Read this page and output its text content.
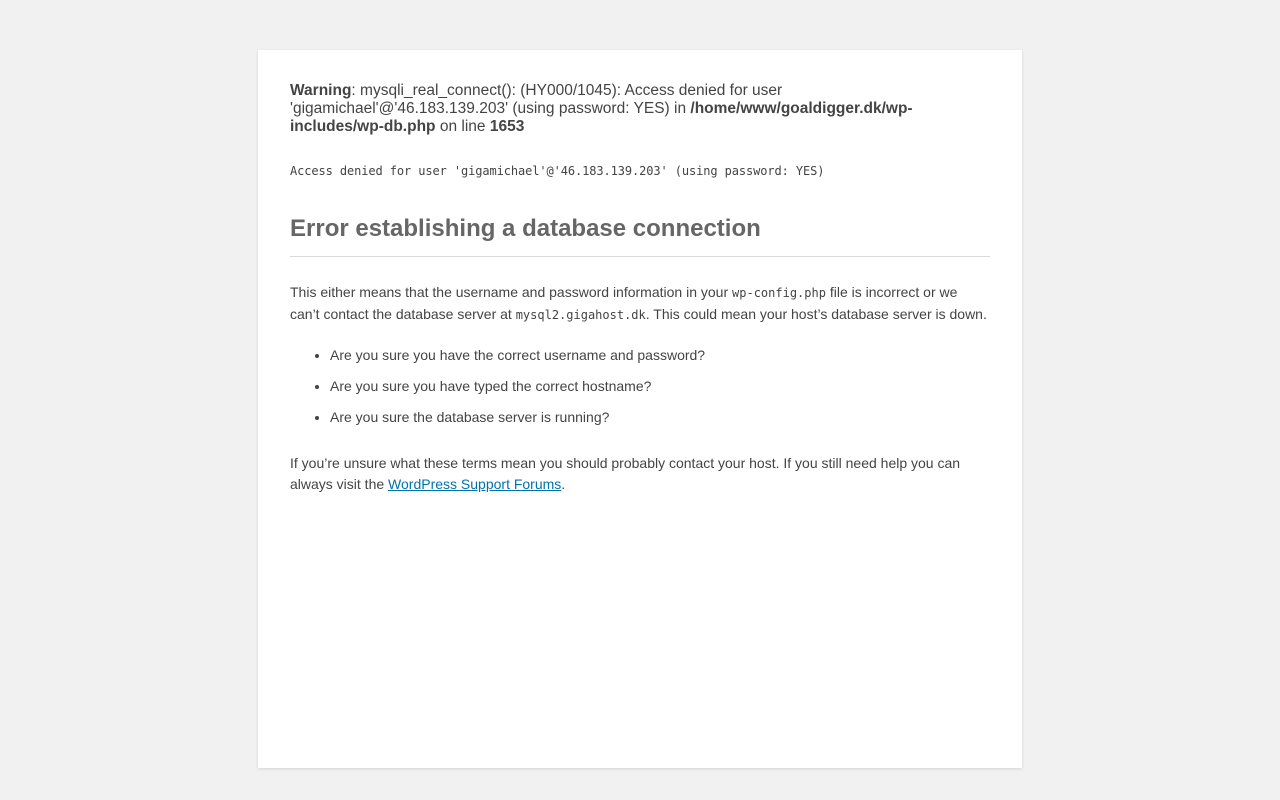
Warning: mysqli_real_connect(): (HY000/1045): Access denied for user 'gigamichael'@'46.183.139.203' (using password: YES) in /home/www/goaldigger.dk/wp-includes/wp-db.php on line 1653

Access denied for user 'gigamichael'@'46.183.139.203' (using password: YES)
Error establishing a database connection

This either means that the username and password information in your wp-config.php file is incorrect or we can’t contact the database server at mysql2.gigahost.dk. This could mean your host’s database server is down.

• Are you sure you have the correct username and password?
• Are you sure you have typed the correct hostname?
• Are you sure the database server is running?

If you’re unsure what these terms mean you should probably contact your host. If you still need help you can always visit the WordPress Support Forums.
